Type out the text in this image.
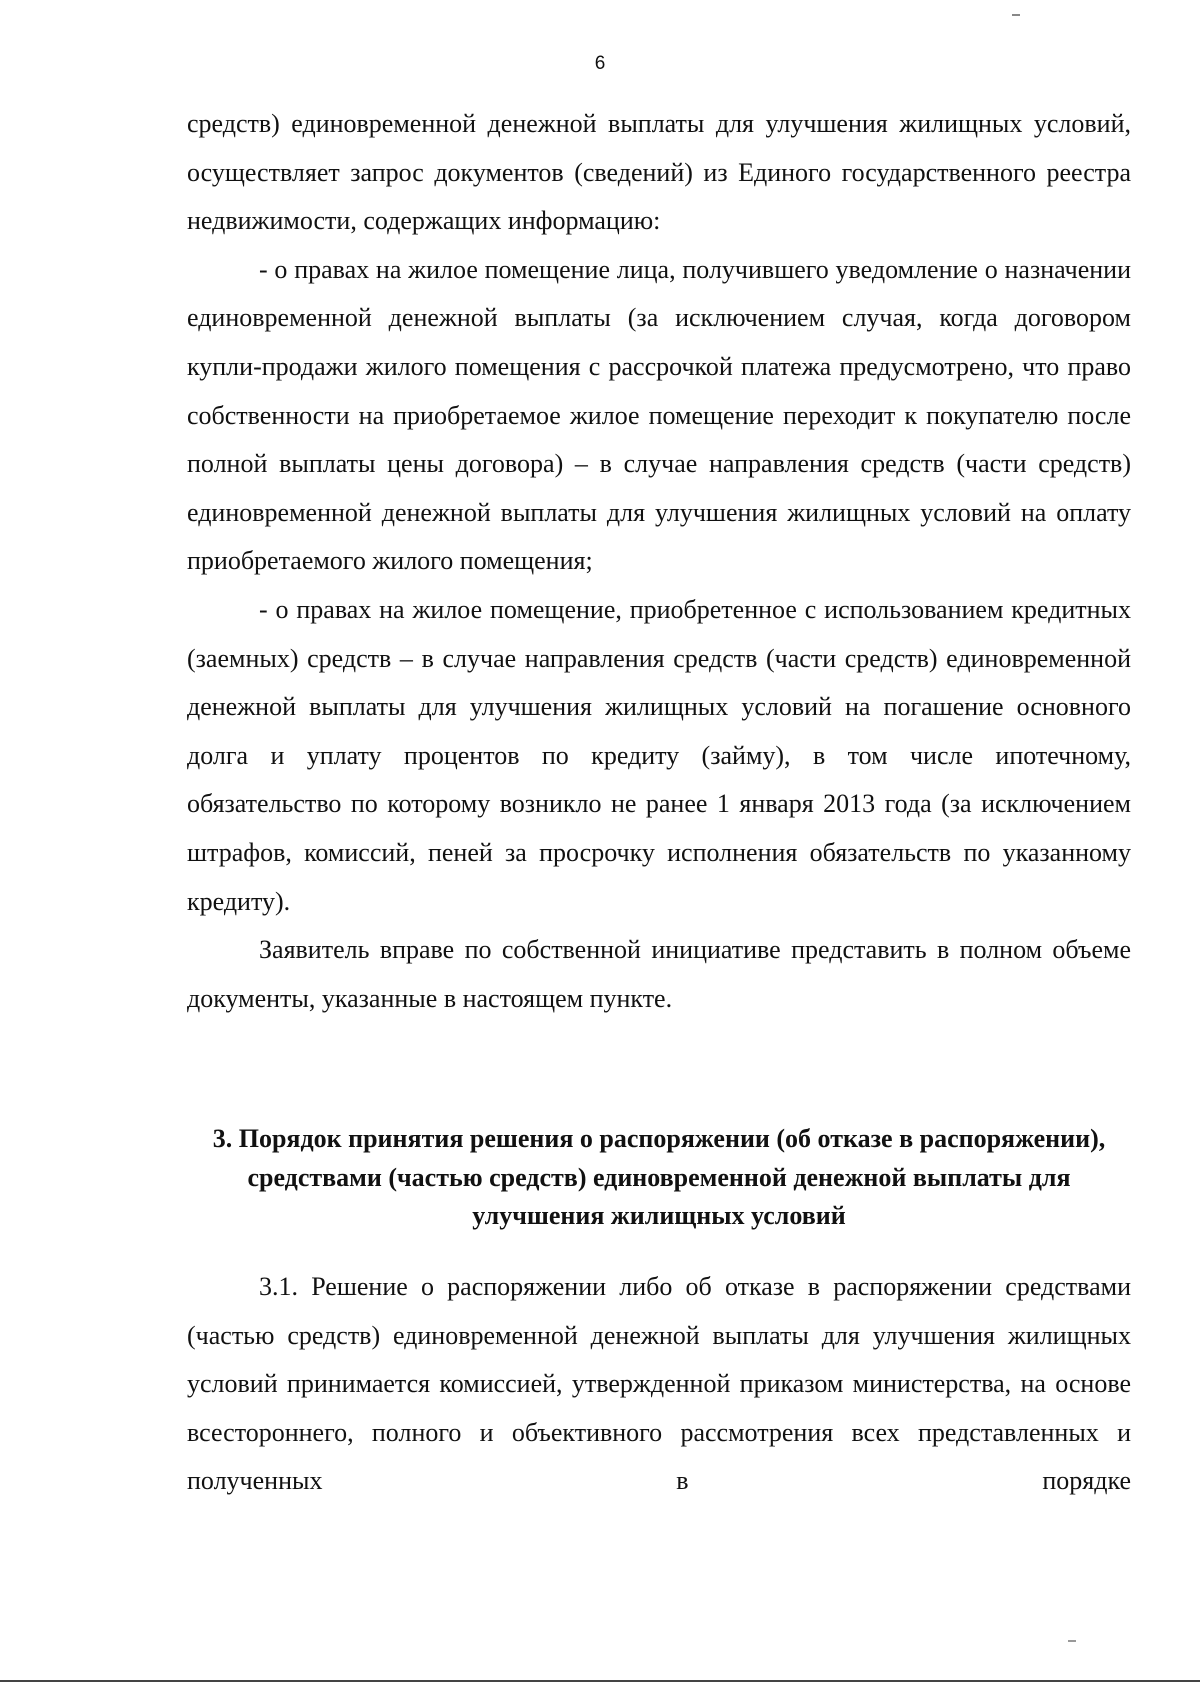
6

средств) единовременной денежной выплаты для улучшения жилищных условий, осуществляет запрос документов (сведений) из Единого государственного реестра недвижимости, содержащих информацию:

- о правах на жилое помещение лица, получившего уведомление о назначении единовременной денежной выплаты (за исключением случая, когда договором купли-продажи жилого помещения с рассрочкой платежа предусмотрено, что право собственности на приобретаемое жилое помещение переходит к покупателю после полной выплаты цены договора) – в случае направления средств (части средств) единовременной денежной выплаты для улучшения жилищных условий на оплату приобретаемого жилого помещения;

- о правах на жилое помещение, приобретенное с использованием кредитных (заемных) средств – в случае направления средств (части средств) единовременной денежной выплаты для улучшения жилищных условий на погашение основного долга и уплату процентов по кредиту (займу), в том числе ипотечному, обязательство по которому возникло не ранее 1 января 2013 года (за исключением штрафов, комиссий, пеней за просрочку исполнения обязательств по указанному кредиту).

Заявитель вправе по собственной инициативе представить в полном объеме документы, указанные в настоящем пункте.

3. Порядок принятия решения о распоряжении (об отказе в распоряжении), средствами (частью средств) единовременной денежной выплаты для улучшения жилищных условий

3.1. Решение о распоряжении либо об отказе в распоряжении средствами (частью средств) единовременной денежной выплаты для улучшения жилищных условий принимается комиссией, утвержденной приказом министерства, на основе всестороннего, полного и объективного рассмотрения всех представленных и полученных в порядке
